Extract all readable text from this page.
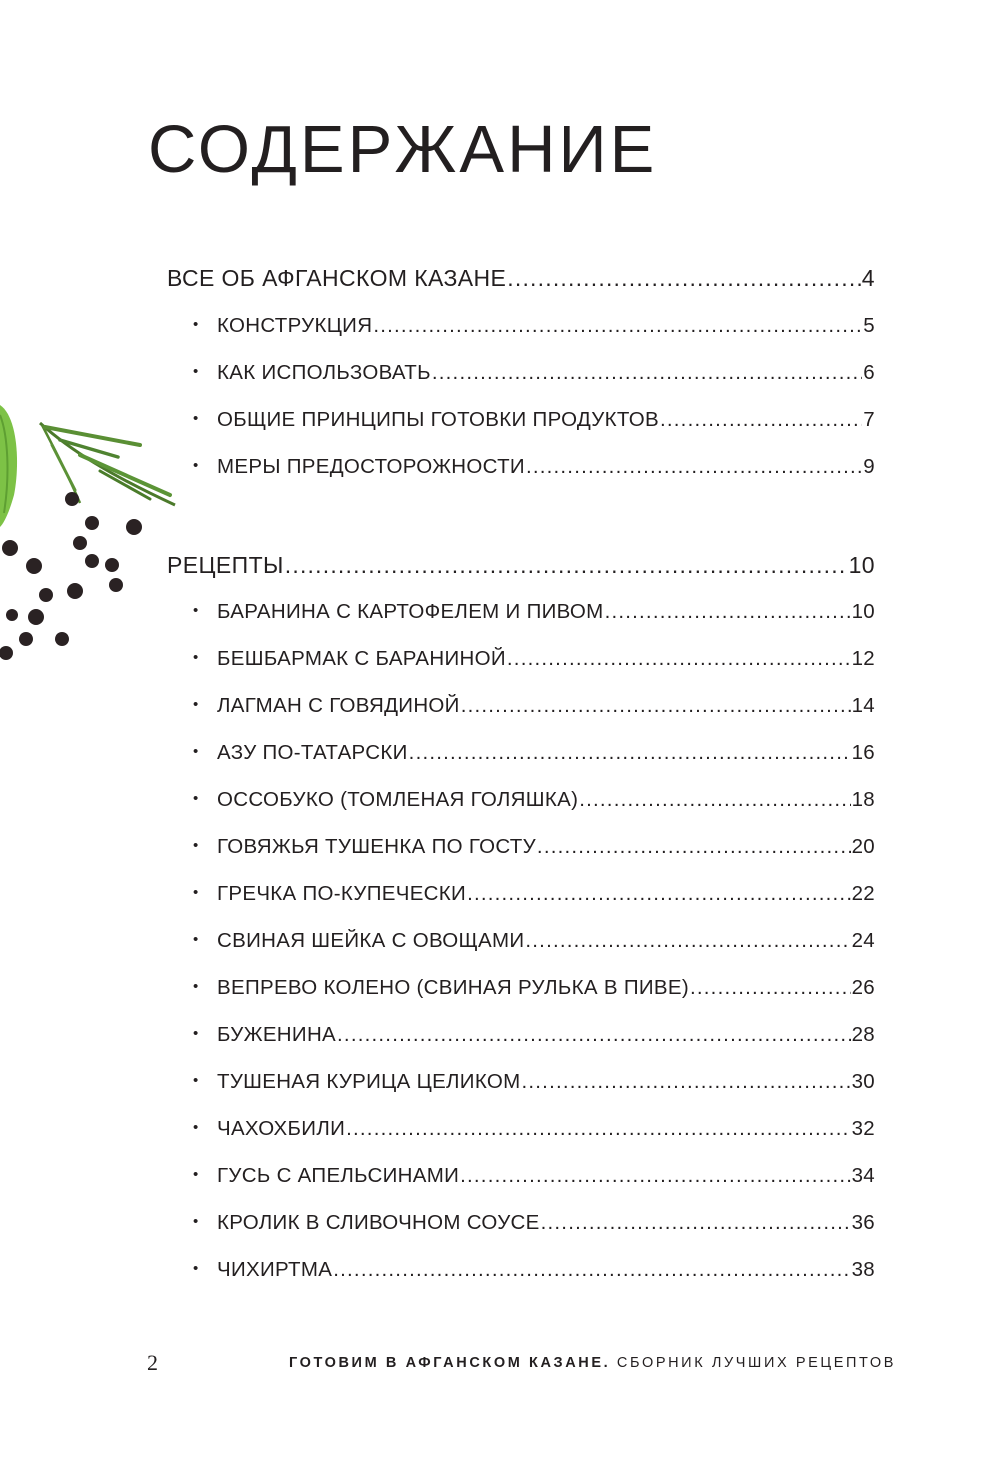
СОДЕРЖАНИЕ
ВСЕ ОБ АФГАНСКОМ КАЗАНЕ .....	4
• КОНСТРУКЦИЯ .....	5
• КАК ИСПОЛЬЗОВАТЬ .....	6
• ОБЩИЕ ПРИНЦИПЫ ГОТОВКИ ПРОДУКТОВ .....	7
• МЕРЫ ПРЕДОСТОРОЖНОСТИ .....	9
РЕЦЕПТЫ .....	10
• БАРАНИНА С КАРТОФЕЛЕМ И ПИВОМ .....	10
• БЕШБАРМАК С БАРАНИНОЙ .....	12
• ЛАГМАН С ГОВЯДИНОЙ .....	14
• АЗУ ПО-ТАТАРСКИ .....	16
• ОССОБУКО (ТОМЛЕНАЯ ГОЛЯШКА) .....	18
• ГОВЯЖЬЯ ТУШЕНКА ПО ГОСТУ .....	20
• ГРЕЧКА ПО-КУПЕЧЕСКИ .....	22
• СВИНАЯ ШЕЙКА С ОВОЩАМИ .....	24
• ВЕПРЕВО КОЛЕНО (СВИНАЯ РУЛЬКА В ПИВЕ) .....	26
• БУЖЕНИНА .....	28
• ТУШЕНАЯ КУРИЦА ЦЕЛИКОМ .....	30
• ЧАХОХБИЛИ .....	32
• ГУСЬ С АПЕЛЬСИНАМИ .....	34
• КРОЛИК В СЛИВОЧНОМ СОУСЕ .....	36
• ЧИХИРТМА .....	38
2	ГОТОВИМ В АФГАНСКОМ КАЗАНЕ. СБОРНИК ЛУЧШИХ РЕЦЕПТОВ
